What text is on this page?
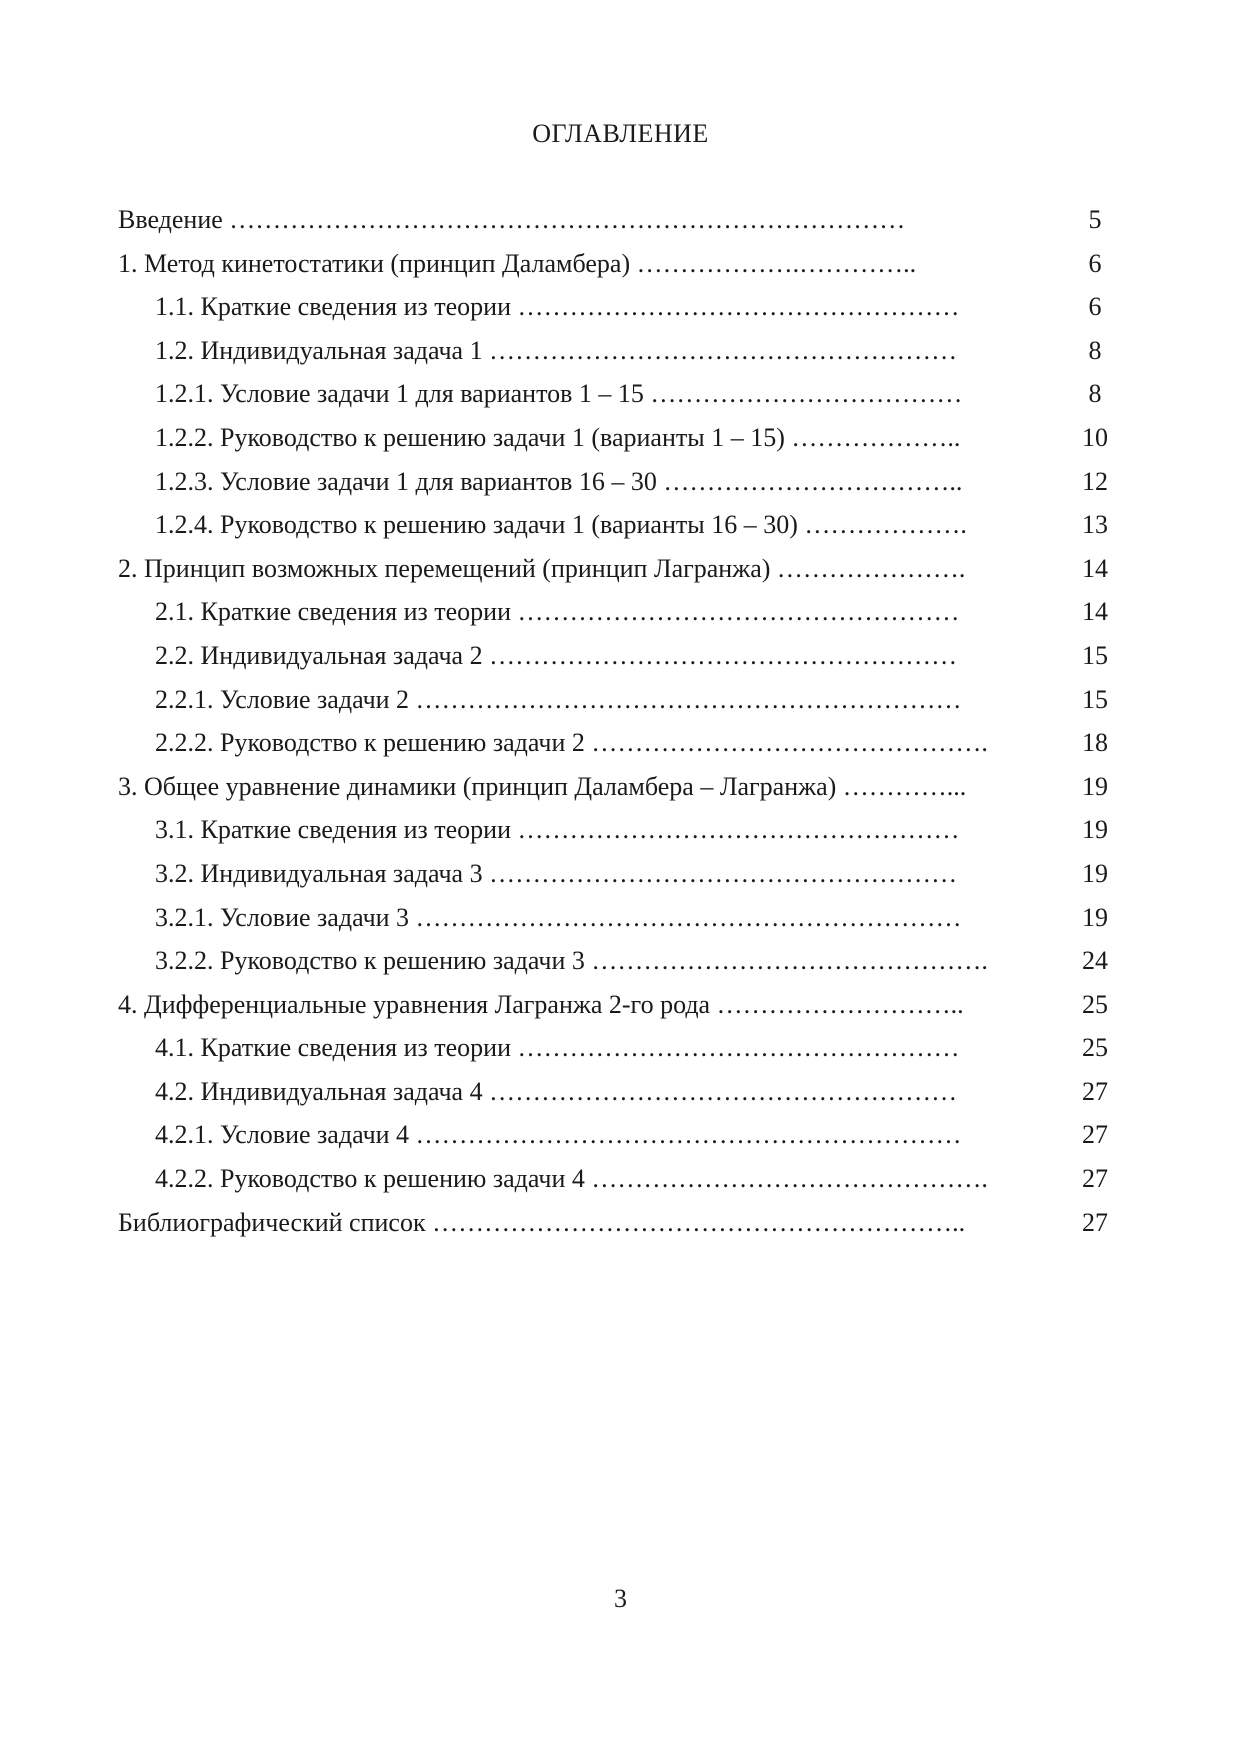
ОГЛАВЛЕНИЕ
Введение ……………………………………………………………………	5
1. Метод кинетостатики (принцип Даламбера) ……………….…………..	6
1.1. Краткие сведения из теории ……………………………………………	6
1.2. Индивидуальная задача 1 ………………………………………………	8
1.2.1. Условие задачи 1 для вариантов 1 – 15 ………………………………	8
1.2.2. Руководство к решению задачи 1 (варианты 1 – 15) ………………..	10
1.2.3. Условие задачи 1 для вариантов 16 – 30 ……………………………..	12
1.2.4. Руководство к решению задачи 1 (варианты 16 – 30) ……………….	13
2. Принцип возможных перемещений (принцип Лагранжа) ………………….	14
2.1. Краткие сведения из теории ……………………………………………	14
2.2. Индивидуальная задача 2 ………………………………………………	15
2.2.1. Условие задачи 2 ………………………………………………………	15
2.2.2. Руководство к решению задачи 2 ……………………………………….	18
3. Общее уравнение динамики (принцип Даламбера – Лагранжа) …………...	19
3.1. Краткие сведения из теории ……………………………………………	19
3.2. Индивидуальная задача 3 ………………………………………………	19
3.2.1. Условие задачи 3 ………………………………………………………	19
3.2.2. Руководство к решению задачи 3 ……………………………………….	24
4. Дифференциальные уравнения Лагранжа 2-го рода ………………………..	25
4.1. Краткие сведения из теории ……………………………………………	25
4.2. Индивидуальная задача 4 ………………………………………………	27
4.2.1. Условие задачи 4 ………………………………………………………	27
4.2.2. Руководство к решению задачи 4 ……………………………………….	27
Библиографический список ……………………………………………………..	27
3
